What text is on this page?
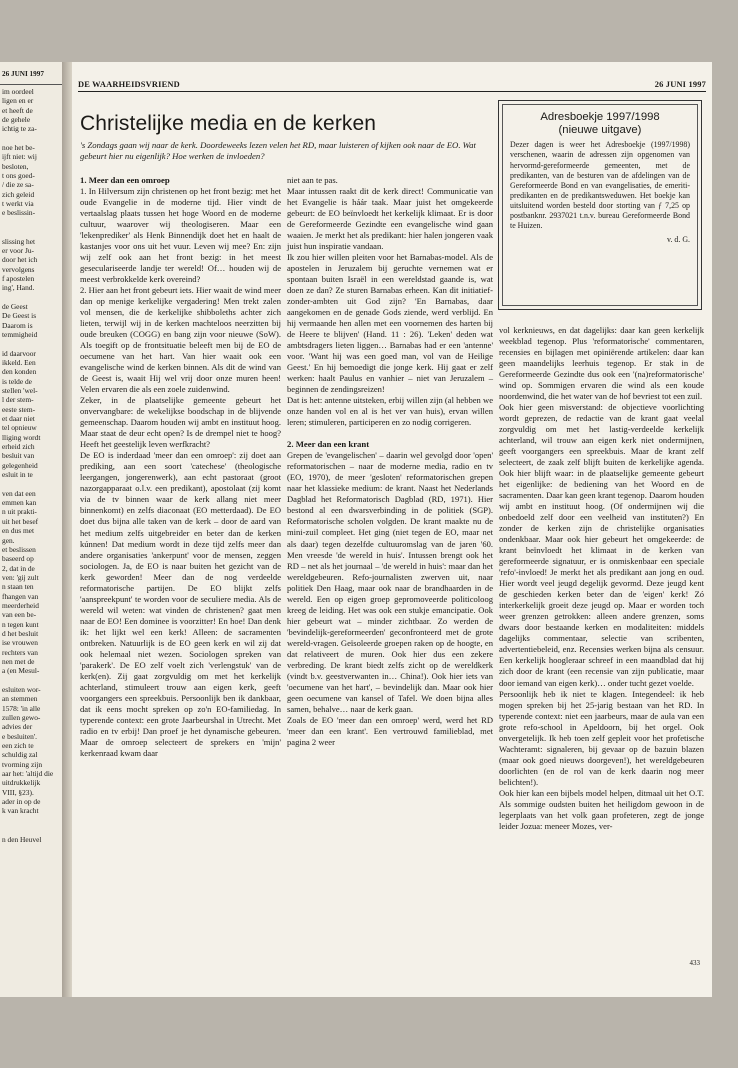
26 JUNI 1997
im oordeel
ligen en er
et heeft de
de gehele
ichtig te za-
noe het be-
ijft niet: wij
besloten,
t ons goed-
/ die ze sa-
zich geleid
t werkt via
e beslissin-
slissing het
er voor Ju-
door het ich
vervolgens
f apostelen
ing', Hand.
de Geest
De Geest is
Daarom is
temmigheid
id daarvoor
ikkeld. Een
den konden
is telde de
stellen 'wel-
l der stem-
eeste stem-
et daar niet
tel opnieuw
lliging wordt
erheid zich
besluit van
gelegenheid
esluit in te
ven dat een
emmen kan
n uit prakti-
uit het besef
en dus met
gen.
et beslissen
baseerd op
2, dat in de
ven: 'gij zult
n staan ten
fhangen van
meerderheid
van een be-
n tegen kunt
d het besluit
ise vrouwen
rechters van
nen met de
a (en Mesul-
esluiten wor-
an stemmen
1578: 'in alle
zullen gewo-
advies der
e besluiten'.
een zich te
schuldig zal
tvorming zijn
aar het: 'altijd die
uitdrukkelijk
VIII, §23).
ader in op de
k van kracht
n den Heuvel
DE WAARHEIDSVRIEND	26 JUNI 1997
Christelijke media en de kerken
's Zondags gaan wij naar de kerk. Doordeweeks lezen velen het RD, maar luisteren of kijken ook naar de EO. Wat gebeurt hier nu eigenlijk? Hoe werken de invloeden?
1. Meer dan een omroep

1. In Hilversum zijn christenen op het front bezig: met het oude Evangelie in de moderne tijd. Hier vindt de vertaalslag plaats tussen het hoge Woord en de moderne cultuur, waarover wij theologiseren. Maar een 'lekenprediker' als Henk Binnendijk doet het en haalt de kastanjes voor ons uit het vuur. Leven wij mee? En: zijn wij zelf ook aan het front bezig: in het meest geseculariseerde landje ter wereld! Of… houden wij de meest verbrokkelde kerk overeind?

2. Hier aan het front gebeurt iets. Hier waait de wind meer dan op menige kerkelijke vergadering! Men trekt zalen vol mensen, die de kerkelijke shibboleths achter zich lieten, terwijl wij in de kerken machteloos neerzitten bij oude breuken (COGG) en bang zijn voor nieuwe (SoW). Als toegift op de frontsituatie beleeft men bij de EO de oecumene van het hart. Van hier waait ook een evangelische wind de kerken binnen. Als dit de wind van de Geest is, waait Hij wel vrij door onze muren heen! Velen ervaren die als een zoele zuidenwind.

Zeker, in de plaatselijke gemeente gebeurt het onvervangbare: de wekelijkse boodschap in de blijvende gemeenschap. Daarom houden wij ambt en instituut hoog. Maar staat de deur echt open? Is de drempel niet te hoog? Heeft het geestelijk leven werfkracht?

De EO is inderdaad 'meer dan een omroep': zij doet aan prediking, aan een soort 'catechese' (theologische leergangen, jongerenwerk), aan echt pastoraat (groot nazorgapparaat o.l.v. een predikant), apostolaat (zij komt via de tv binnen waar de kerk allang niet meer binnenkomt) en zelfs diaconaat (EO metterdaad). De EO doet dus bijna alle taken van de kerk – door de aard van het medium zelfs uitgebreider en beter dan de kerken kúnnen! Dat medium wordt in deze tijd zelfs meer dan andere organisaties 'ankerpunt' voor de mensen, zeggen sociologen. Ja, de EO is naar buiten het gezicht van de kerk geworden! Meer dan de nog verdeelde reformatorische partijen. De EO blijkt zelfs 'aanspreekpunt' te worden voor de seculiere media. Als de wereld wil weten: wat vinden de christenen? gaat men naar de EO! Een dominee is voorzitter! En hoe! Dan denk ik: het lijkt wel een kerk! Alleen: de sacramenten ontbreken. Natuurlijk is de EO geen kerk en wil zij dat ook helemaal niet wezen. Sociologen spreken van 'parakerk'. De EO zelf voelt zich 'verlengstuk' van de kerk(en). Zij gaat zorgvuldig om met het kerkelijk achterland, stimuleert trouw aan eigen kerk, geeft voorgangers een spreekbuis. Persoonlijk ben ik dankbaar, dat ik eens mocht spreken op zo'n EO-familiedag. In typerende context: een grote Jaarbeurshal in Utrecht. Met radio en tv erbij! Dan proef je het dynamische gebeuren. Maar de omroep selecteert de sprekers en 'mijn' kerkenraad kwam daar

niet aan te pas.

Maar intussen raakt dit de kerk direct! Communicatie van het Evangelie is háár taak. Maar juist het omgekeerde gebeurt: de EO beïnvloedt het kerkelijk klimaat. Er is door de Gereformeerde Gezindte een evangelische wind gaan waaien. Je merkt het als predikant: hier halen jongeren vaak juist hun inspiratie vandaan.

Ik zou hier willen pleiten voor het Barnabas-model. Als de apostelen in Jeruzalem bij geruchte vernemen wat er spontaan buiten Israël in een wereldstad gaande is, wat doen ze dan? Ze sturen Barnabas erheen. Kan dit initiatief-zonder-ambten uit God zijn? 'En Barnabas, daar aangekomen en de genade Gods ziende, werd verblijd. En hij vermaande hen allen met een voornemen des harten bij de Heere te blijven' (Hand. 11 : 26). 'Leken' deden wat ambtsdragers lieten liggen… Barnabas had er een 'antenne' voor. 'Want hij was een goed man, vol van de Heilige Geest.' En hij bemoedigt die jonge kerk. Hij gaat er zelf werken: haalt Paulus en vanhier – niet van Jeruzalem – beginnen de zendingsreizen!

Dat is het: antenne uitsteken, erbij willen zijn (al hebben we onze handen vol en al is het ver van huis), ervan willen leren; stimuleren, participeren en zo nodig corrigeren.

2. Meer dan een krant

Grepen de 'evangelischen' – daarin wel gevolgd door 'open' reformatorischen – naar de moderne media, radio en tv (EO, 1970), de meer 'gesloten' reformatorischen grepen naar het klassieke medium: de krant. Naast het Nederlands Dagblad het Reformatorisch Dagblad (RD, 1971). Hier bestond al een dwarsverbinding in de politiek (SGP). Reformatorische scholen volgden. De krant maakte nu de mini-zuil compleet. Het ging (niet tegen de EO, maar net als daar) tegen dezelfde cultuuromslag van de jaren '60. Men vreesde 'de wereld in huis'. Intussen brengt ook het RD – net als het journaal – 'de wereld in huis': maar dan het wereldgebeuren. Refo-journalisten zwerven uit, naar politiek Den Haag, maar ook naar de brandhaarden in de wereld. Een op eigen groep gepromoveerde politicoloog kreeg de leiding. Het was ook een stukje emancipatie. Ook hier gebeurt wat – minder zichtbaar. Zo werden de 'bevindelijk-gereformeerden' geconfronteerd met de grote wereld-vragen. Geïsoleerde groepen raken op de hoogte, en dat relativeert de muren. Ook hier dus een zekere verbreding. De krant biedt zelfs zicht op de wereldkerk (vindt b.v. geestverwanten in… China!). Ook hier iets van 'oecumene van het hart', – bevindelijk dan. Maar ook hier geen oecumene van kansel of Tafel. We doen bijna alles samen, behalve… naar de kerk gaan.

Zoals de EO 'meer dan een omroep' werd, werd het RD 'meer dan een krant'. Een vertrouwd familieblad, met pagina 2 weer

vol kerknieuws, en dat dagelijks: daar kan geen kerkelijk weekblad tegenop. Plus 'reformatorische' commentaren, recensies en bijlagen met opiniërende artikelen: daar kan geen maandelijks leerhuis tegenop. Er stak in de Gereformeerde Gezindte dus ook een '(na)reformatorische' wind op. Sommigen ervaren die wind als een koude noordenwind, die het water van de hof bevriest tot een zuil.

Ook hier geen misverstand: de objectieve voorlichting wordt geprezen, de redactie van de krant gaat veelal zorgvuldig om met het lastig-verdeelde kerkelijk achterland, wil trouw aan eigen kerk niet ondermijnen, geeft voorgangers een spreekbuis. Maar de krant zelf selecteert, de zaak zelf blijft buiten de kerkelijke agenda. Ook hier blijft waar: in de plaatselijke gemeente gebeurt het eigenlijke: de bediening van het Woord en de sacramenten. Daar kan geen krant tegenop. Daarom houden wij ambt en instituut hoog. (Of ondermijnen wij die onbedoeld zelf door een veelheid van instituten?) En zonder de kerken zijn de christelijke organisaties ondenkbaar. Maar ook hier gebeurt het omgekeerde: de krant beïnvloedt het klimaat in de kerken van gereformeerde signatuur, er is onmiskenbaar een speciale 'refo'-invloed! Je merkt het als predikant aan jong en oud. Hier wordt veel jeugd degelijk gevormd. Deze jeugd kent de geschieden kerken beter dan de 'eigen' kerk! Zó interkerkelijk groeit deze jeugd op. Maar er worden toch weer grenzen getrokken: alleen andere grenzen, soms dwars door bestaande kerken en modaliteiten: middels dagelijks commentaar, selectie van scribenten, advertentiebeleid, enz. Recensies werken bijna als censuur. Een kerkelijk hoogleraar schreef in een maandblad dat hij zich door de krant (een recensie van zijn publicatie, maar door iemand van eigen kerk)… onder tucht gezet voelde.

Persoonlijk heb ik niet te klagen. Integendeel: ik heb mogen spreken bij het 25-jarig bestaan van het RD. In typerende context: niet een jaarbeurs, maar de aula van een grote refo-school in Apeldoorn, bij het orgel. Ook onvergetelijk. Ik heb toen zelf gepleit voor het profetische Wachteramt: signaleren, bij gevaar op de bazuin blazen (maar ook goed nieuws doorgeven!), het wereldgebeuren doorlichten (en de rol van de kerk daarin nog meer belichten!).

Ook hier kan een bijbels model helpen, ditmaal uit het O.T. Als sommige oudsten buiten het heiligdom gewoon in de legerplaats van het volk gaan profeteren, zegt de jonge leider Jozua: meneer Mozes, ver-

Adresboekje 1997/1998
(nieuwe uitgave)
Dezer dagen is weer het Adresboekje (1997/1998) verschenen, waarin de adressen zijn opgenomen van hervormd-gereformeerde gemeenten, met de predikanten, van de besturen van de afdelingen van de Gereformeerde Bond en van evangelisaties, de emeriti-predikanten en de predikantsweduwen. Het boekje kan uitsluitend worden besteld door storting van ƒ 7,25 op postbanknr. 2937021 t.n.v. bureau Gereformeerde Bond te Huizen.
v. d. G.
433
